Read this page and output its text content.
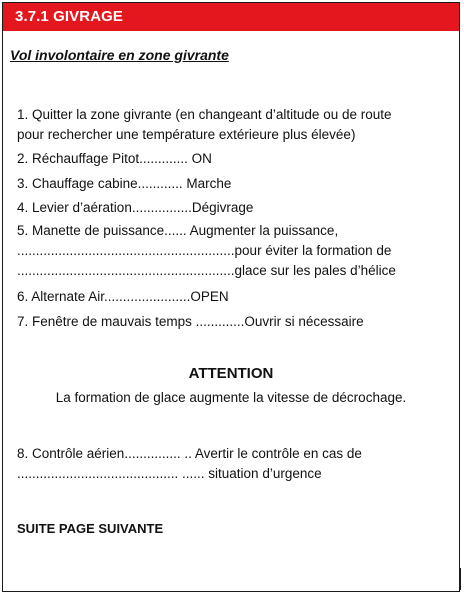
3.7.1 GIVRAGE
Vol involontaire en zone givrante
1. Quitter la zone givrante (en changeant d’altitude ou de route
pour rechercher une température extérieure plus élevée)
2. Réchauffage Pitot............. ON
3. Chauffage cabine............ Marche
4. Levier d’aération................Dégivrage
5. Manette de puissance...... Augmenter la puissance,
..........................................................pour éviter la formation de
..........................................................glace sur les pales d’hélice
6. Alternate Air.......................OPEN
7. Fenêtre de mauvais temps .............Ouvrir si nécessaire
ATTENTION
La formation de glace augmente la vitesse de décrochage.
8. Contrôle aérien............... .. Avertir le contrôle en cas de
........................................... ...... situation d’urgence
SUITE PAGE SUIVANTE
